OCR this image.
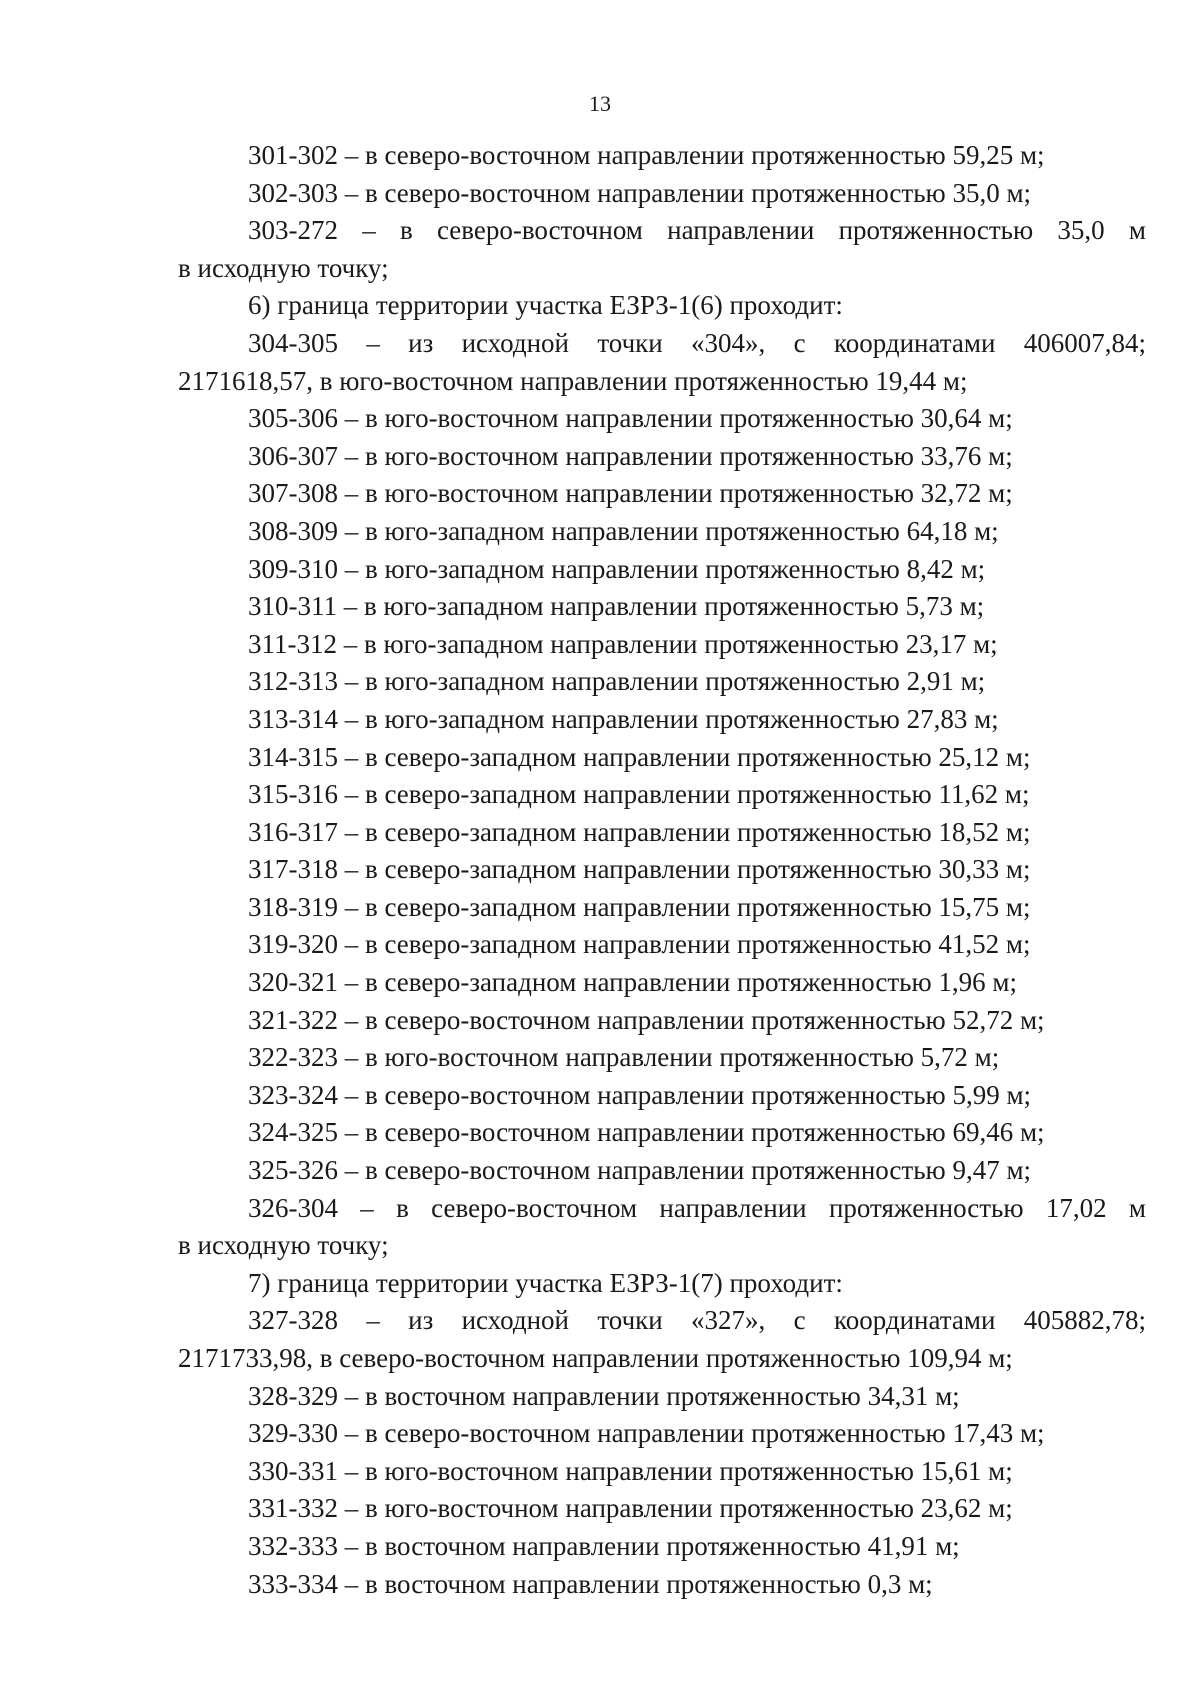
13
301-302 – в северо-восточном направлении протяженностью 59,25 м;
302-303 – в северо-восточном направлении протяженностью 35,0 м;
303-272 – в северо-восточном направлении протяженностью 35,0 м
в исходную точку;
6) граница территории участка ЕЗРЗ-1(6) проходит:
304-305 – из исходной точки «304», с координатами 406007,84;
2171618,57, в юго-восточном направлении протяженностью 19,44 м;
305-306 – в юго-восточном направлении протяженностью 30,64 м;
306-307 – в юго-восточном направлении протяженностью 33,76 м;
307-308 – в юго-восточном направлении протяженностью 32,72 м;
308-309 – в юго-западном направлении протяженностью 64,18 м;
309-310 – в юго-западном направлении протяженностью 8,42 м;
310-311 – в юго-западном направлении протяженностью 5,73 м;
311-312 – в юго-западном направлении протяженностью 23,17 м;
312-313 – в юго-западном направлении протяженностью 2,91 м;
313-314 – в юго-западном направлении протяженностью 27,83 м;
314-315 – в северо-западном направлении протяженностью 25,12 м;
315-316 – в северо-западном направлении протяженностью 11,62 м;
316-317 – в северо-западном направлении протяженностью 18,52 м;
317-318 – в северо-западном направлении протяженностью 30,33 м;
318-319 – в северо-западном направлении протяженностью 15,75 м;
319-320 – в северо-западном направлении протяженностью 41,52 м;
320-321 – в северо-западном направлении протяженностью 1,96 м;
321-322 – в северо-восточном направлении протяженностью 52,72 м;
322-323 – в юго-восточном направлении протяженностью 5,72 м;
323-324 – в северо-восточном направлении протяженностью 5,99 м;
324-325 – в северо-восточном направлении протяженностью 69,46 м;
325-326 – в северо-восточном направлении протяженностью 9,47 м;
326-304 – в северо-восточном направлении протяженностью 17,02 м
в исходную точку;
7) граница территории участка ЕЗРЗ-1(7) проходит:
327-328 – из исходной точки «327», с координатами 405882,78;
2171733,98, в северо-восточном направлении протяженностью 109,94 м;
328-329 – в восточном направлении протяженностью 34,31 м;
329-330 – в северо-восточном направлении протяженностью 17,43 м;
330-331 – в юго-восточном направлении протяженностью 15,61 м;
331-332 – в юго-восточном направлении протяженностью 23,62 м;
332-333 – в восточном направлении протяженностью 41,91 м;
333-334 – в восточном направлении протяженностью 0,3 м;
